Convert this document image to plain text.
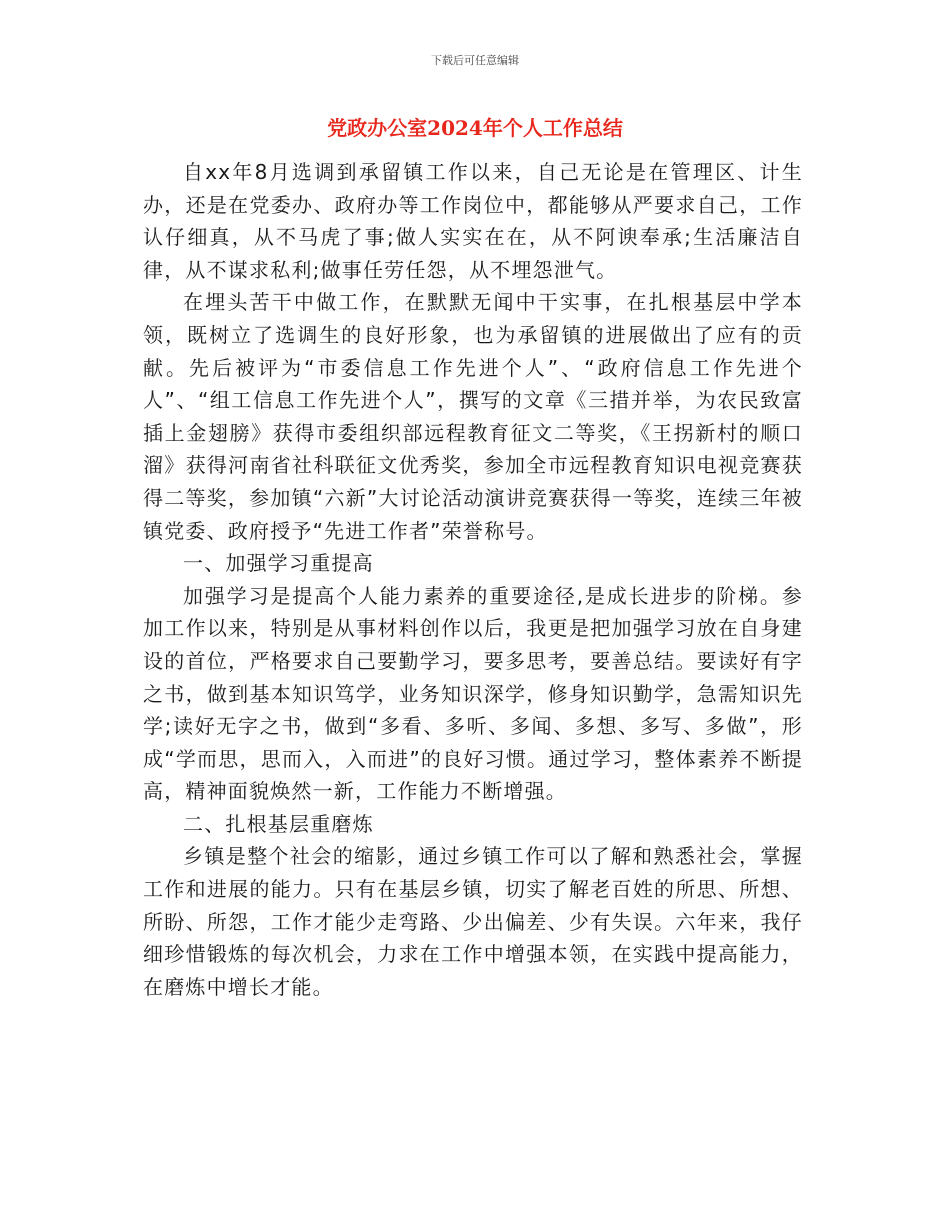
下载后可任意编辑
党政办公室2024年个人工作总结

自xx年8月选调到承留镇工作以来，自己无论是在管理区、计生办，还是在党委办、政府办等工作岗位中，都能够从严要求自己，工作认仔细真，从不马虎了事;做人实实在在，从不阿谀奉承;生活廉洁自律，从不谋求私利;做事任劳任怨，从不埋怨泄气。

在埋头苦干中做工作，在默默无闻中干实事，在扎根基层中学本领，既树立了选调生的良好形象，也为承留镇的进展做出了应有的贡献。先后被评为“市委信息工作先进个人”、“政府信息工作先进个人”、“组工信息工作先进个人”，撰写的文章《三措并举，为农民致富插上金翅膀》获得市委组织部远程教育征文二等奖，《王拐新村的顺口溜》获得河南省社科联征文优秀奖，参加全市远程教育知识电视竞赛获得二等奖，参加镇“六新”大讨论活动演讲竞赛获得一等奖，连续三年被镇党委、政府授予“先进工作者”荣誉称号。

一、加强学习重提高

加强学习是提高个人能力素养的重要途径,是成长进步的阶梯。参加工作以来，特别是从事材料创作以后，我更是把加强学习放在自身建设的首位，严格要求自己要勤学习，要多思考，要善总结。要读好有字之书，做到基本知识笃学，业务知识深学，修身知识勤学，急需知识先学;读好无字之书，做到“多看、多听、多闻、多想、多写、多做”，形成“学而思，思而入，入而进”的良好习惯。通过学习，整体素养不断提高，精神面貌焕然一新，工作能力不断增强。

二、扎根基层重磨炼

乡镇是整个社会的缩影，通过乡镇工作可以了解和熟悉社会，掌握工作和进展的能力。只有在基层乡镇，切实了解老百姓的所思、所想、所盼、所怨，工作才能少走弯路、少出偏差、少有失误。六年来，我仔细珍惜锻炼的每次机会，力求在工作中增强本领，在实践中提高能力，在磨炼中增长才能。
